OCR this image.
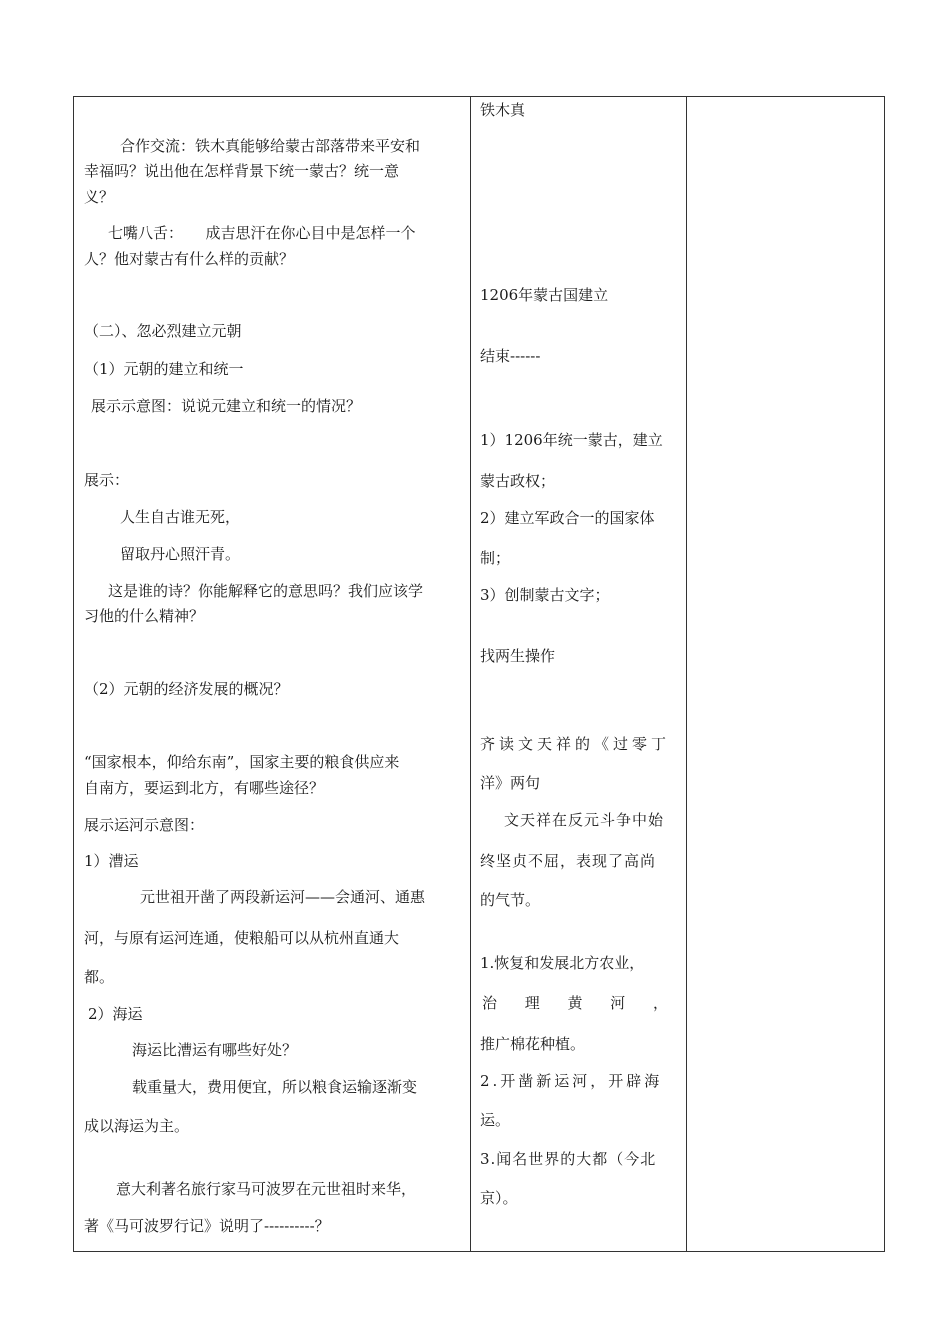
合作交流：铁木真能够给蒙古部落带来平安和
幸福吗？说出他在怎样背景下统一蒙古？统一意
义？
七嘴八舌：　　成吉思汗在你心目中是怎样一个
人？他对蒙古有什么样的贡献？
（二）、忽必烈建立元朝
（1）元朝的建立和统一
展示示意图：说说元建立和统一的情况？
展示：
人生自古谁无死，
留取丹心照汗青。
这是谁的诗？你能解释它的意思吗？我们应该学
习他的什么精神？
（2）元朝的经济发展的概况？
“国家根本，仰给东南”，国家主要的粮食供应来
自南方，要运到北方，有哪些途径？
展示运河示意图：
1）漕运
元世祖开凿了两段新运河——会通河、通惠
河，与原有运河连通，使粮船可以从杭州直通大
都。
2）海运
海运比漕运有哪些好处？
载重量大，费用便宜，所以粮食运输逐渐变
成以海运为主。
意大利著名旅行家马可波罗在元世祖时来华，
著《马可波罗行记》说明了----------？
铁木真
1206年蒙古国建立
结束------
1）1206年统一蒙古，建立
蒙古政权；
2）建立军政合一的国家体
制；
3）创制蒙古文字；
找两生操作
齐读文天祥的《过零丁
洋》两句
文天祥在反元斗争中始
终坚贞不屈，表现了高尚
的气节。
1.恢复和发展北方农业，
治 理 黄 河 ，
推广棉花种植。
2.开凿新运河，开辟海
运。
3.闻名世界的大都（今北
京）。
